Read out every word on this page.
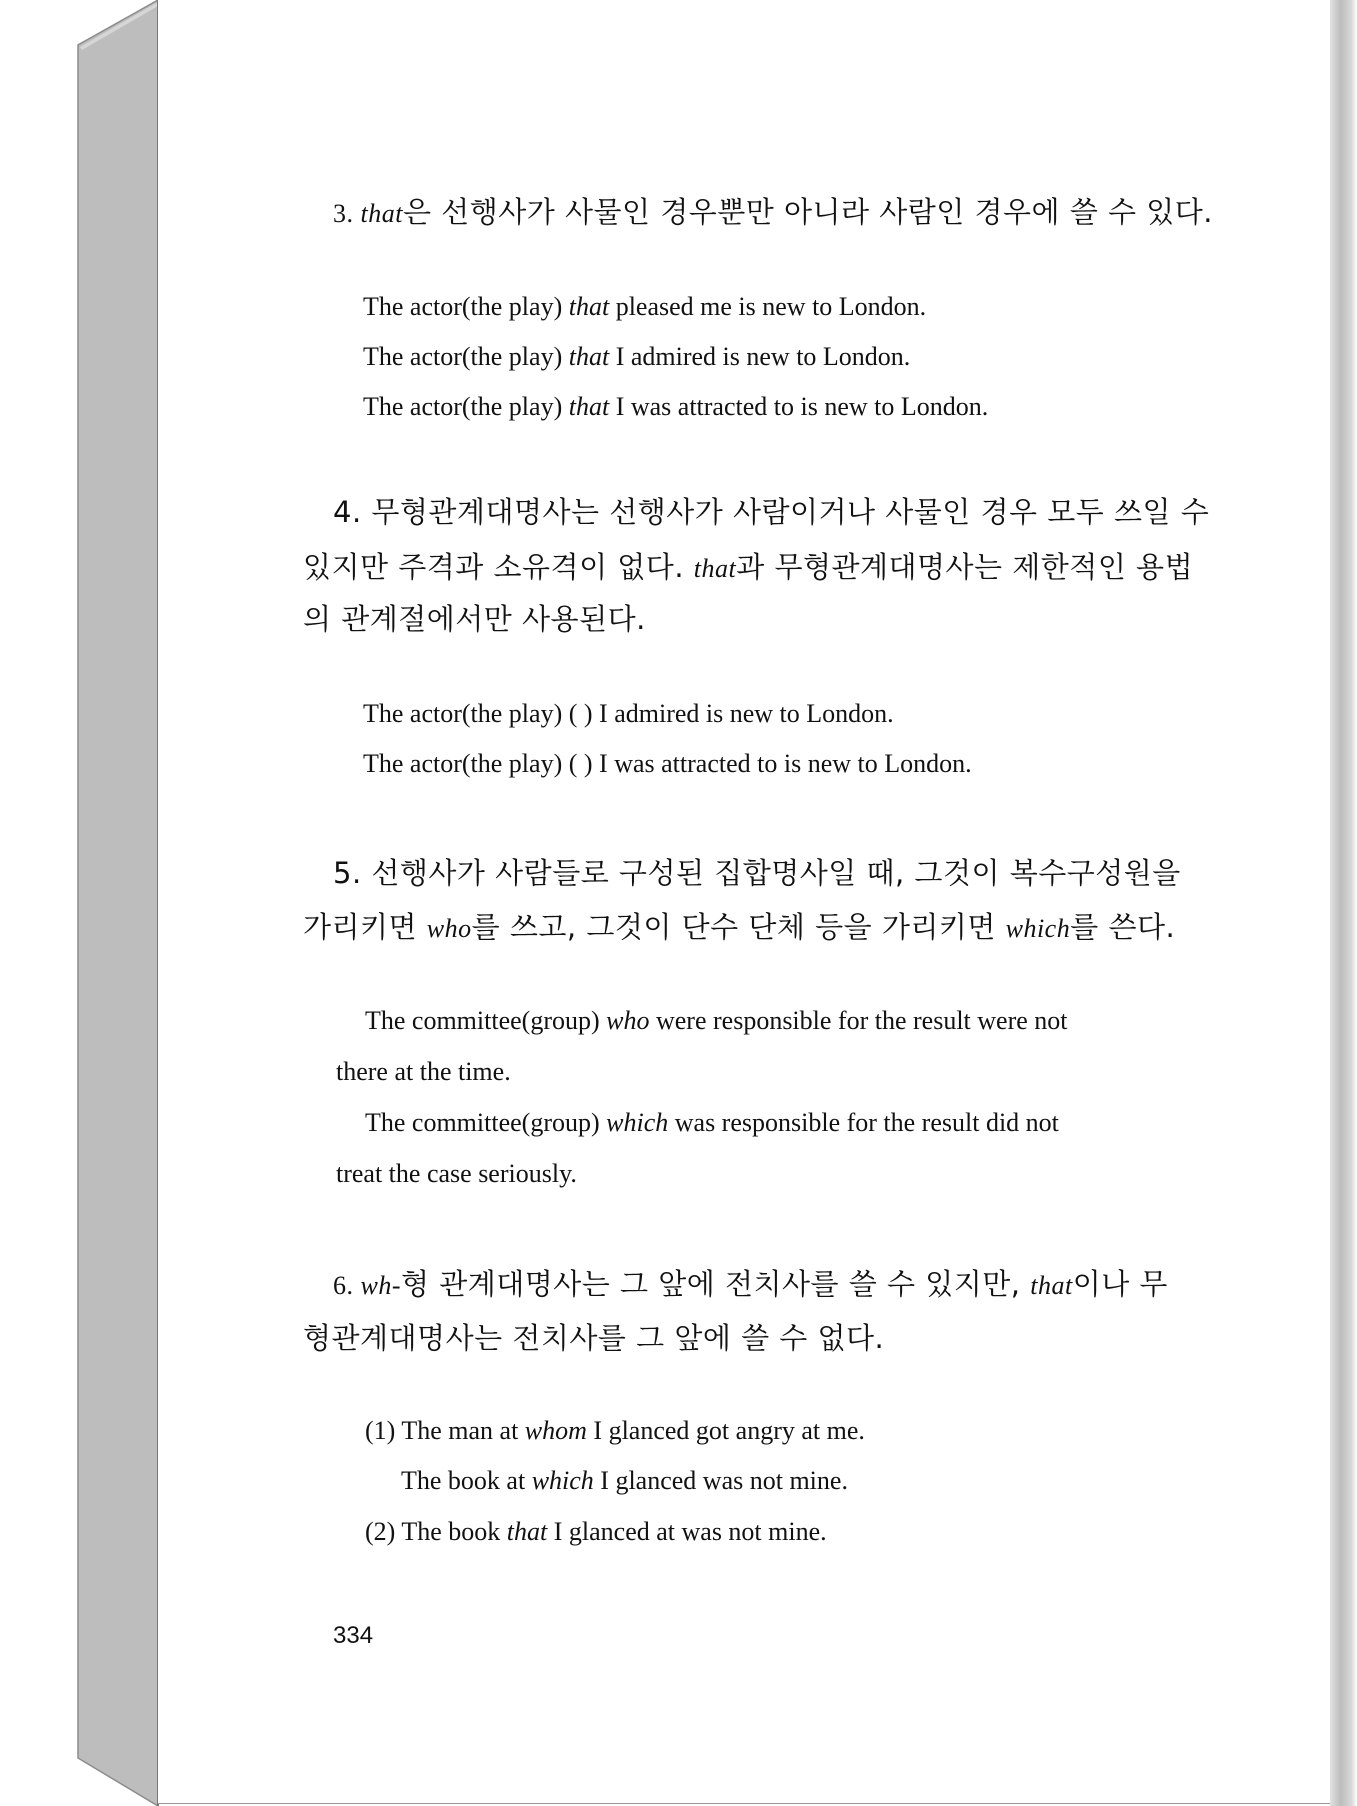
3. that은 선행사가 사물인 경우뿐만 아니라 사람인 경우에 쓸 수 있다.

The actor(the play) that pleased me is new to London.

The actor(the play) that I admired is new to London.

The actor(the play) that I was attracted to is new to London.

4. 무형관계대명사는 선행사가 사람이거나 사물인 경우 모두 쓰일 수

있지만 주격과 소유격이 없다. that과 무형관계대명사는 제한적인 용법

의 관계절에서만 사용된다.

The actor(the play) ( ) I admired is new to London.

The actor(the play) ( ) I was attracted to is new to London.

5. 선행사가 사람들로 구성된 집합명사일 때, 그것이 복수구성원을

가리키면 who를 쓰고, 그것이 단수 단체 등을 가리키면 which를 쓴다.

The committee(group) who were responsible for the result were not

there at the time.

The committee(group) which was responsible for the result did not

treat the case seriously.

6. wh-형 관계대명사는 그 앞에 전치사를 쓸 수 있지만, that이나 무

형관계대명사는 전치사를 그 앞에 쓸 수 없다.

(1) The man at whom I glanced got angry at me.

The book at which I glanced was not mine.

(2) The book that I glanced at was not mine.

334
